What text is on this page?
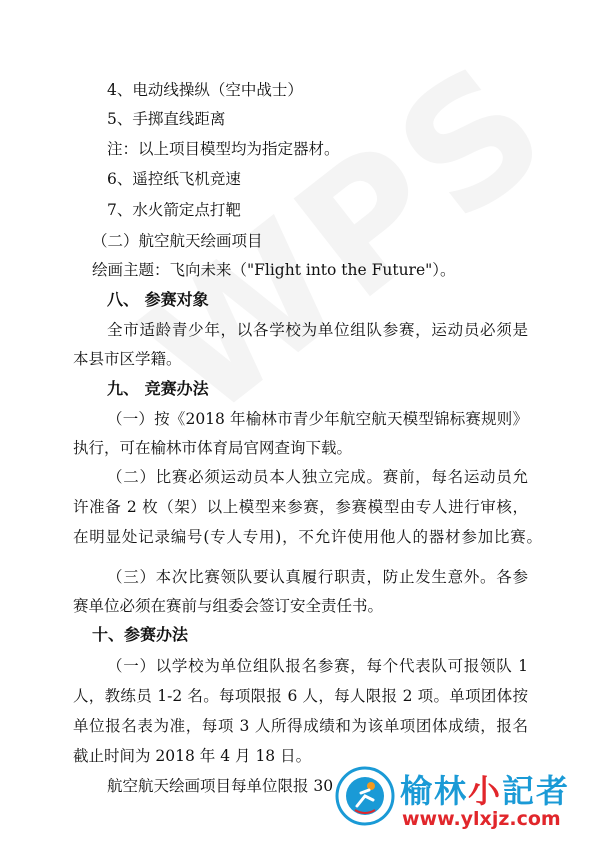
4、电动线操纵（空中战士）
5、手掷直线距离
注：以上项目模型均为指定器材。
6、遥控纸飞机竞速
7、水火箭定点打靶
（二）航空航天绘画项目
绘画主题：飞向未来（"Flight into the Future"）。
八、 参赛对象
全市适龄青少年，以各学校为单位组队参赛，运动员必须是
本县市区学籍。
九、 竞赛办法
（一）按《2018 年榆林市青少年航空航天模型锦标赛规则》
执行，可在榆林市体育局官网查询下载。
（二）比赛必须运动员本人独立完成。赛前，每名运动员允
许准备 2 枚（架）以上模型来参赛，参赛模型由专人进行审核，
在明显处记录编号(专人专用)，不允许使用他人的器材参加比赛。
（三）本次比赛领队要认真履行职责，防止发生意外。各参
赛单位必须在赛前与组委会签订安全责任书。
十、参赛办法
（一）以学校为单位组队报名参赛，每个代表队可报领队 1
人，教练员 1-2 名。每项限报 6 人，每人限报 2 项。单项团体按
单位报名表为准，每项 3 人所得成绩和为该单项团体成绩，报名
截止时间为 2018 年 4 月 18 日。
航空航天绘画项目每单位限报 30	榆林小記者
www.ylxjz.com
